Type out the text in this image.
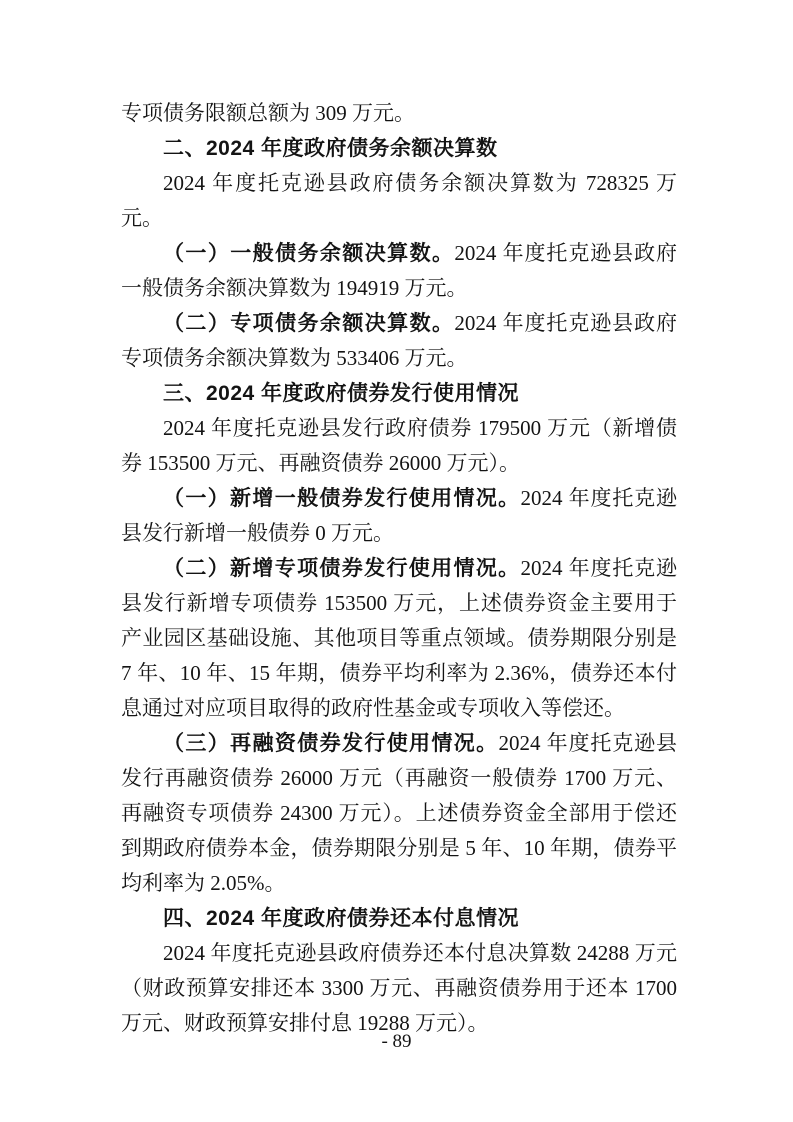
专项债务限额总额为 309 万元。

二、2024 年度政府债务余额决算数

2024 年度托克逊县政府债务余额决算数为 728325 万元。

（一）一般债务余额决算数。2024 年度托克逊县政府一般债务余额决算数为 194919 万元。

（二）专项债务余额决算数。2024 年度托克逊县政府专项债务余额决算数为 533406 万元。

三、2024 年度政府债券发行使用情况

2024 年度托克逊县发行政府债券 179500 万元（新增债券 153500 万元、再融资债券 26000 万元）。

（一）新增一般债券发行使用情况。2024 年度托克逊县发行新增一般债券 0 万元。

（二）新增专项债券发行使用情况。2024 年度托克逊县发行新增专项债券 153500 万元，上述债券资金主要用于产业园区基础设施、其他项目等重点领域。债券期限分别是 7 年、10 年、15 年期，债券平均利率为 2.36%，债券还本付息通过对应项目取得的政府性基金或专项收入等偿还。

（三）再融资债券发行使用情况。2024 年度托克逊县发行再融资债券 26000 万元（再融资一般债券 1700 万元、再融资专项债券 24300 万元）。上述债券资金全部用于偿还到期政府债券本金，债券期限分别是 5 年、10 年期，债券平均利率为 2.05%。

四、2024 年度政府债券还本付息情况

2024 年度托克逊县政府债券还本付息决算数 24288 万元（财政预算安排还本 3300 万元、再融资债券用于还本 1700 万元、财政预算安排付息 19288 万元）。

- 89
